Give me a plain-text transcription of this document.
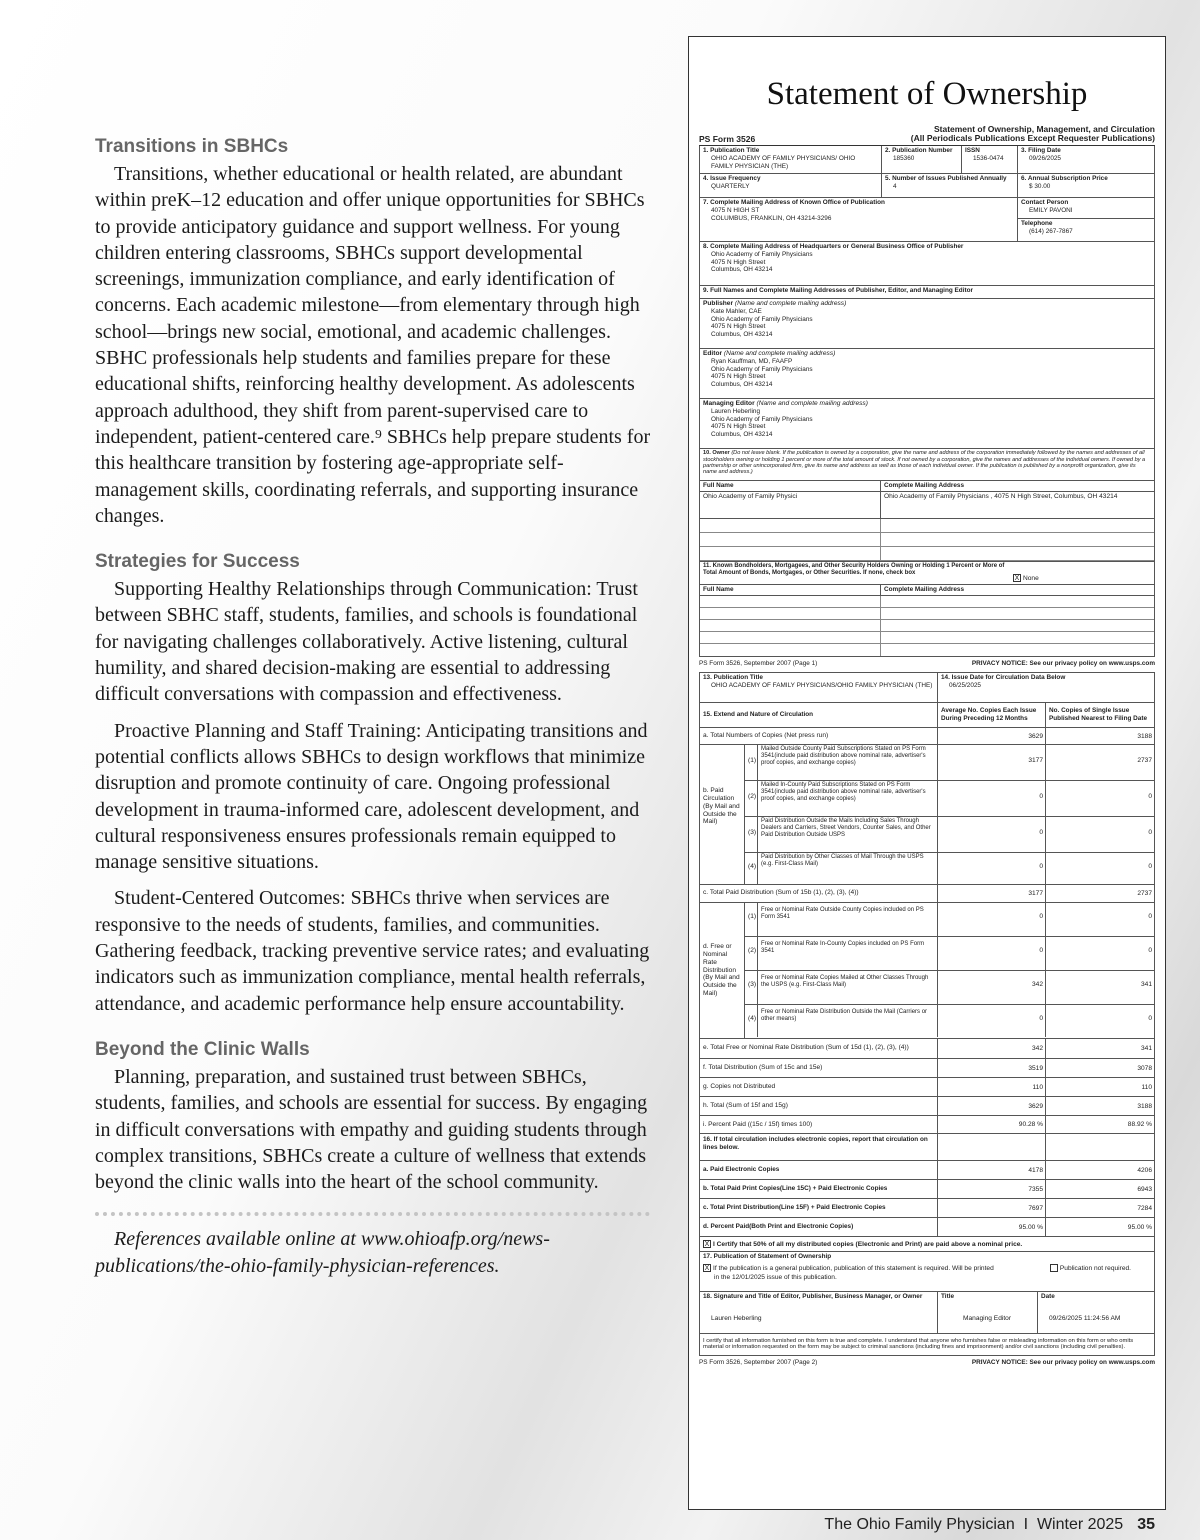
Transitions in SBHCs

Transitions, whether educational or health related, are abundant within preK–12 education and offer unique opportunities for SBHCs to provide anticipatory guidance and support wellness. For young children entering classrooms, SBHCs support developmental screenings, immunization compliance, and early identification of concerns. Each academic milestone—from elementary through high school—brings new social, emotional, and academic challenges. SBHC professionals help students and families prepare for these educational shifts, reinforcing healthy development. As adolescents approach adulthood, they shift from parent-supervised care to independent, patient-centered care.⁹ SBHCs help prepare students for this healthcare transition by fostering age-appropriate self-management skills, coordinating referrals, and supporting insurance changes.

Strategies for Success

Supporting Healthy Relationships through Communication: Trust between SBHC staff, students, families, and schools is foundational for navigating challenges collaboratively. Active listening, cultural humility, and shared decision-making are essential to addressing difficult conversations with compassion and effectiveness.

Proactive Planning and Staff Training: Anticipating transitions and potential conflicts allows SBHCs to design workflows that minimize disruption and promote continuity of care. Ongoing professional development in trauma-informed care, adolescent development, and cultural responsiveness ensures professionals remain equipped to manage sensitive situations.

Student-Centered Outcomes: SBHCs thrive when services are responsive to the needs of students, families, and communities. Gathering feedback, tracking preventive service rates; and evaluating indicators such as immunization compliance, mental health referrals, attendance, and academic performance help ensure accountability.

Beyond the Clinic Walls

Planning, preparation, and sustained trust between SBHCs, students, families, and schools are essential for success. By engaging in difficult conversations with empathy and guiding students through complex transitions, SBHCs create a culture of wellness that extends beyond the clinic walls into the heart of the school community.

References available online at www.ohioafp.org/news-publications/the-ohio-family-physician-references.

The Ohio Family Physician  I  Winter 2025 35
Statement of Ownership
PS Form 3526
Statement of Ownership, Management, and Circulation
(All Periodicals Publications Except Requester Publications)
1. Publication Title
OHIO ACADEMY OF FAMILY PHYSICIANS/ OHIO FAMILY PHYSICIAN (THE)
2. Publication Number
185360
ISSN
1536-0474
3. Filing Date
09/26/2025
4. Issue Frequency
QUARTERLY
5. Number of Issues Published Annually
4
6. Annual Subscription Price
$ 30.00
7. Complete Mailing Address of Known Office of Publication
4075 N HIGH ST
COLUMBUS, FRANKLIN, OH 43214-3296
Contact Person
EMILY PAVONI
Telephone
(614) 267-7867
8. Complete Mailing Address of Headquarters or General Business Office of Publisher
Ohio Academy of Family Physicians
4075 N High Street
Columbus, OH 43214
9. Full Names and Complete Mailing Addresses of Publisher, Editor, and Managing Editor
Publisher (Name and complete mailing address)
Kate Mahler, CAE
Ohio Academy of Family Physicians
4075 N High Street
Columbus, OH 43214
Editor (Name and complete mailing address)
Ryan Kauffman, MD, FAAFP
Ohio Academy of Family Physicians
4075 N High Street
Columbus, OH 43214
Managing Editor (Name and complete mailing address)
Lauren Heberling
Ohio Academy of Family Physicians
4075 N High Street
Columbus, OH 43214
10. Owner (Do not leave blank. If the publication is owned by a corporation, give the name and address of the corporation immediately followed by the names and addresses of all stockholders owning or holding 1 percent or more of the total amount of stock. If not owned by a corporation, give the names and addresses of the individual owners. If owned by a partnership or other unincorporated firm, give its name and address as well as those of each individual owner. If the publication is published by a nonprofit organization, give its name and address.)
Full Name	Complete Mailing Address
Ohio Academy of Family Physici	Ohio Academy of Family Physicians , 4075 N High Street, Columbus, OH 43214
11. Known Bondholders, Mortgagees, and Other Security Holders Owning or Holding 1 Percent or More of Total Amount of Bonds, Mortgages, or Other Securities. If none, check box
X None
Full Name	Complete Mailing Address
PS Form 3526, September 2007 (Page 1)	PRIVACY NOTICE: See our privacy policy on www.usps.com
13. Publication Title
OHIO ACADEMY OF FAMILY PHYSICIANS/OHIO FAMILY PHYSICIAN (THE)
14. Issue Date for Circulation Data Below
06/25/2025
15. Extend and Nature of Circulation
Average No. Copies Each Issue During Preceding 12 Months
No. Copies of Single Issue Published Nearest to Filing Date
a. Total Numbers of Copies (Net press run)	3629	3188
b. Paid Circulation (By Mail and Outside the Mail)
(1)
Mailed Outside County Paid Subscriptions Stated on PS Form 3541(include paid distribution above nominal rate, advertiser's proof copies, and exchange copies)	3177	2737
(2)
Mailed In-County Paid Subscriptions Stated on PS Form 3541(include paid distribution above nominal rate, advertiser's proof copies, and exchange copies)	0	0
(3)
Paid Distribution Outside the Mails Including Sales Through Dealers and Carriers, Street Vendors, Counter Sales, and Other Paid Distribution Outside USPS	0	0
(4)
Paid Distribution by Other Classes of Mail Through the USPS (e.g. First-Class Mail)	0	0
c. Total Paid Distribution (Sum of 15b (1), (2), (3), (4))	3177	2737
d. Free or Nominal Rate Distribution (By Mail and Outside the Mail)
(1)
Free or Nominal Rate Outside County Copies included on PS Form 3541	0	0
(2)
Free or Nominal Rate In-County Copies included on PS Form 3541	0	0
(3)
Free or Nominal Rate Copies Mailed at Other Classes Through the USPS (e.g. First-Class Mail)	342	341
(4)
Free or Nominal Rate Distribution Outside the Mail (Carriers or other means)	0	0
e. Total Free or Nominal Rate Distribution (Sum of 15d (1), (2), (3), (4))	342	341
f. Total Distribution (Sum of 15c and 15e)	3519	3078
g. Copies not Distributed	110	110
h. Total (Sum of 15f and 15g)	3629	3188
i. Percent Paid ((15c / 15f) times 100)	90.28 %	88.92 %
16. If total circulation includes electronic copies, report that circulation on lines below.
a. Paid Electronic Copies	4178	4206
b. Total Paid Print Copies(Line 15C) + Paid Electronic Copies	7355	6943
c. Total Print Distribution(Line 15F) + Paid Electronic Copies	7697	7284
d. Percent Paid(Both Print and Electronic Copies)	95.00 %	95.00 %
X I Certify that 50% of all my distributed copies (Electronic and Print) are paid above a nominal price.
17. Publication of Statement of Ownership
X If the publication is a general publication, publication of this statement is required. Will be printed	Publication not required.
in the 12/01/2025 issue of this publication.
18. Signature and Title of Editor, Publisher, Business Manager, or Owner
Lauren Heberling
Title
Managing Editor
Date
09/26/2025 11:24:56 AM
I certify that all information furnished on this form is true and complete. I understand that anyone who furnishes false or misleading information on this form or who omits material or information requested on the form may be subject to criminal sanctions (including fines and imprisonment) and/or civil sanctions (including civil penalties).
PS Form 3526, September 2007 (Page 2)	PRIVACY NOTICE: See our privacy policy on www.usps.com
